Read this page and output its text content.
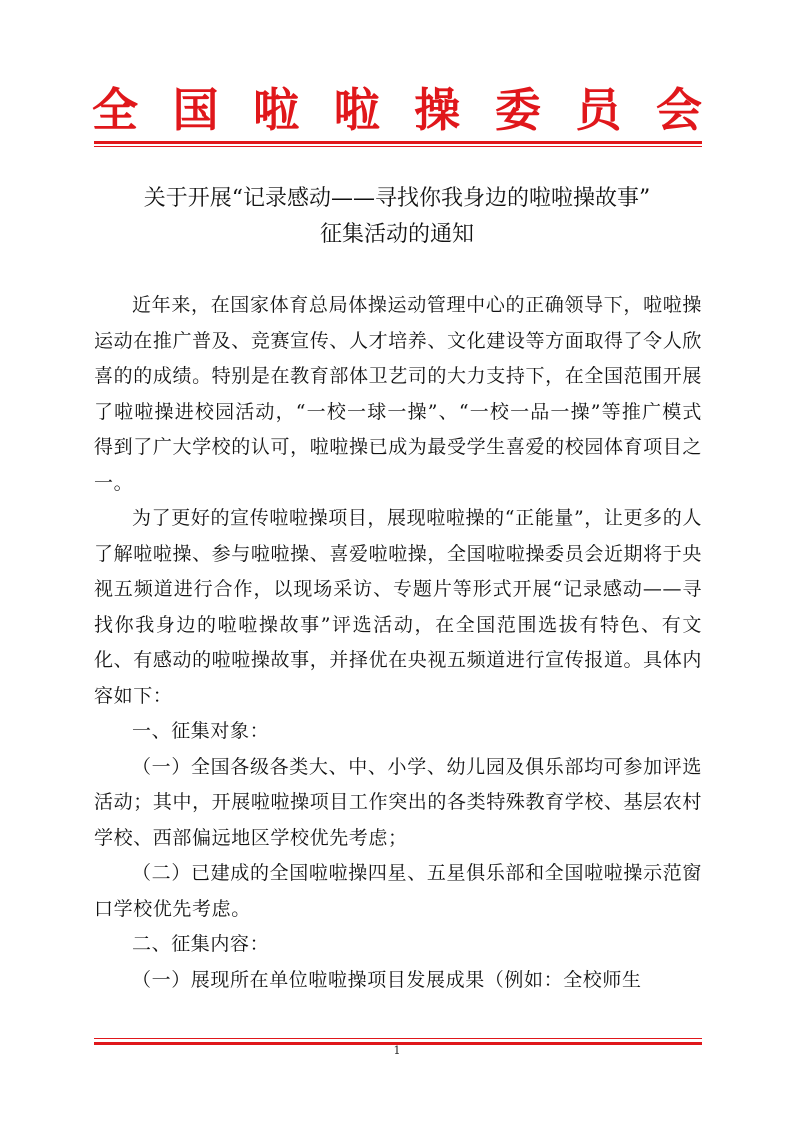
全 国 啦 啦 操 委 员 会
关于开展“记录感动——寻找你我身边的啦啦操故事”
征集活动的通知

近年来，在国家体育总局体操运动管理中心的正确领导下，啦啦操运动在推广普及、竞赛宣传、人才培养、文化建设等方面取得了令人欣喜的的成绩。特别是在教育部体卫艺司的大力支持下，在全国范围开展了啦啦操进校园活动，“一校一球一操”、“一校一品一操”等推广模式得到了广大学校的认可，啦啦操已成为最受学生喜爱的校园体育项目之一。

为了更好的宣传啦啦操项目，展现啦啦操的“正能量”，让更多的人了解啦啦操、参与啦啦操、喜爱啦啦操，全国啦啦操委员会近期将于央视五频道进行合作，以现场采访、专题片等形式开展“记录感动——寻找你我身边的啦啦操故事”评选活动，在全国范围选拔有特色、有文化、有感动的啦啦操故事，并择优在央视五频道进行宣传报道。具体内容如下：

一、征集对象：

（一）全国各级各类大、中、小学、幼儿园及俱乐部均可参加评选活动；其中，开展啦啦操项目工作突出的各类特殊教育学校、基层农村学校、西部偏远地区学校优先考虑；

（二）已建成的全国啦啦操四星、五星俱乐部和全国啦啦操示范窗口学校优先考虑。

二、征集内容：

（一）展现所在单位啦啦操项目发展成果（例如：全校师生

1
